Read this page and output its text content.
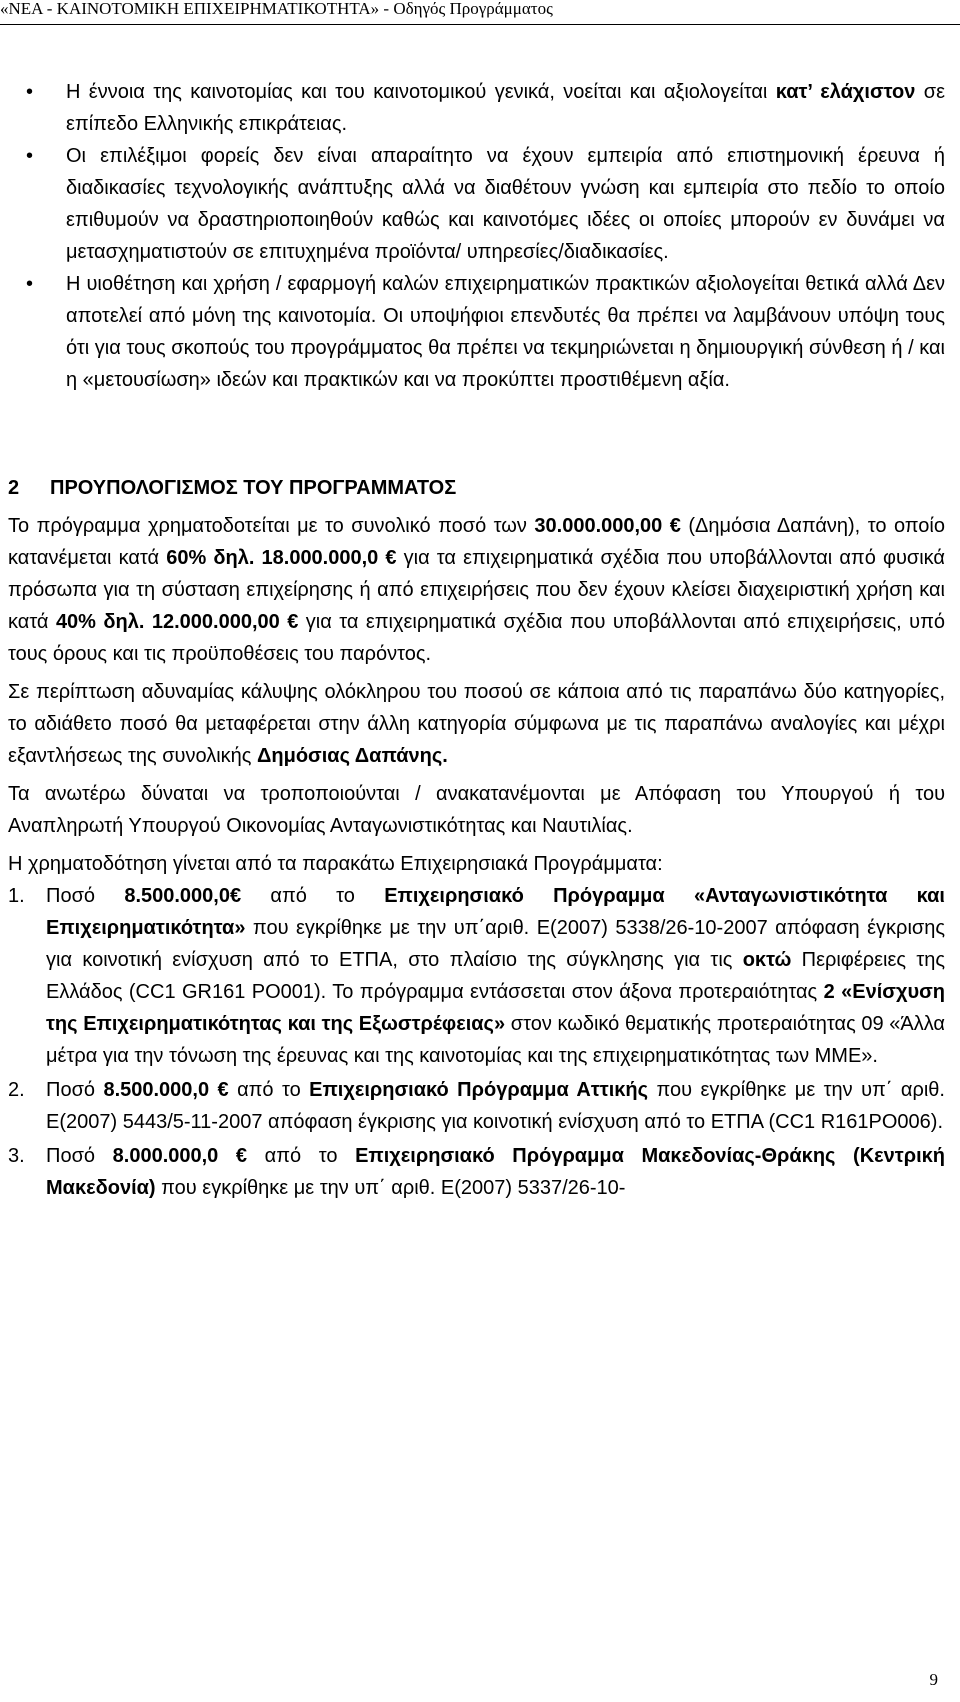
«ΝΕΑ - ΚΑΙΝΟΤΟΜΙΚΗ ΕΠΙΧΕΙΡΗΜΑΤΙΚΟΤΗΤΑ» - Οδηγός Προγράμματος
• Η έννοια της καινοτομίας και του καινοτομικού γενικά, νοείται και αξιολογείται κατ’ ελάχιστον σε επίπεδο Ελληνικής επικράτειας.
• Οι επιλέξιμοι φορείς δεν είναι απαραίτητο να έχουν εμπειρία από επιστημονική έρευνα ή διαδικασίες τεχνολογικής ανάπτυξης αλλά να διαθέτουν γνώση και εμπειρία στο πεδίο το οποίο επιθυμούν να δραστηριοποιηθούν καθώς και καινοτόμες ιδέες οι οποίες μπορούν εν δυνάμει να μετασχηματιστούν σε επιτυχημένα προϊόντα/ υπηρεσίες/διαδικασίες.
• Η υιοθέτηση και χρήση / εφαρμογή καλών επιχειρηματικών πρακτικών αξιολογείται θετικά αλλά Δεν αποτελεί από μόνη της καινοτομία. Οι υποψήφιοι επενδυτές θα πρέπει να λαμβάνουν υπόψη τους ότι για τους σκοπούς του προγράμματος θα πρέπει να τεκμηριώνεται η δημιουργική σύνθεση ή / και η «μετουσίωση» ιδεών και πρακτικών και να προκύπτει προστιθέμενη αξία.
2 ΠΡΟΥΠΟΛΟΓΙΣΜΟΣ ΤΟΥ ΠΡΟΓΡΑΜΜΑΤΟΣ

Το πρόγραμμα χρηματοδοτείται με το συνολικό ποσό των 30.000.000,00 € (Δημόσια Δαπάνη), το οποίο κατανέμεται κατά 60% δηλ. 18.000.000,0 € για τα επιχειρηματικά σχέδια που υποβάλλονται από φυσικά πρόσωπα για τη σύσταση επιχείρησης ή από επιχειρήσεις που δεν έχουν κλείσει διαχειριστική χρήση και κατά 40% δηλ. 12.000.000,00 € για τα επιχειρηματικά σχέδια που υποβάλλονται από επιχειρήσεις, υπό τους όρους και τις προϋποθέσεις του παρόντος.

Σε περίπτωση αδυναμίας κάλυψης ολόκληρου του ποσού σε κάποια από τις παραπάνω δύο κατηγορίες, το αδιάθετο ποσό θα μεταφέρεται στην άλλη κατηγορία σύμφωνα με τις παραπάνω αναλογίες και μέχρι εξαντλήσεως της συνολικής Δημόσιας Δαπάνης.

Τα ανωτέρω δύναται να τροποποιούνται / ανακατανέμονται με Απόφαση του Υπουργού ή του Αναπληρωτή Υπουργού Οικονομίας Ανταγωνιστικότητας και Ναυτιλίας.

Η χρηματοδότηση γίνεται από τα παρακάτω Επιχειρησιακά Προγράμματα:

1. Ποσό 8.500.000,0€ από το Επιχειρησιακό Πρόγραμμα «Ανταγωνιστικότητα και Επιχειρηματικότητα» που εγκρίθηκε με την υπ΄αριθ. Ε(2007) 5338/26-10-2007 απόφαση έγκρισης για κοινοτική ενίσχυση από το ΕΤΠΑ, στο πλαίσιο της σύγκλησης για τις οκτώ Περιφέρειες της Ελλάδος (CC1 GR161 PO001). Το πρόγραμμα εντάσσεται στον άξονα προτεραιότητας 2 «Ενίσχυση της Επιχειρηματικότητας και της Εξωστρέφειας» στον κωδικό θεματικής προτεραιότητας 09 «Άλλα μέτρα για την τόνωση της έρευνας και της καινοτομίας και της επιχειρηματικότητας των ΜΜΕ».
2. Ποσό 8.500.000,0 € από το Επιχειρησιακό Πρόγραμμα Αττικής που εγκρίθηκε με την υπ΄ αριθ. Ε(2007) 5443/5-11-2007 απόφαση έγκρισης για κοινοτική ενίσχυση από το ΕΤΠΑ (CC1 R161PO006).
3. Ποσό 8.000.000,0 € από το Επιχειρησιακό Πρόγραμμα Μακεδονίας-Θράκης (Κεντρική Μακεδονία) που εγκρίθηκε με την υπ΄ αριθ. Ε(2007) 5337/26-10-
9
